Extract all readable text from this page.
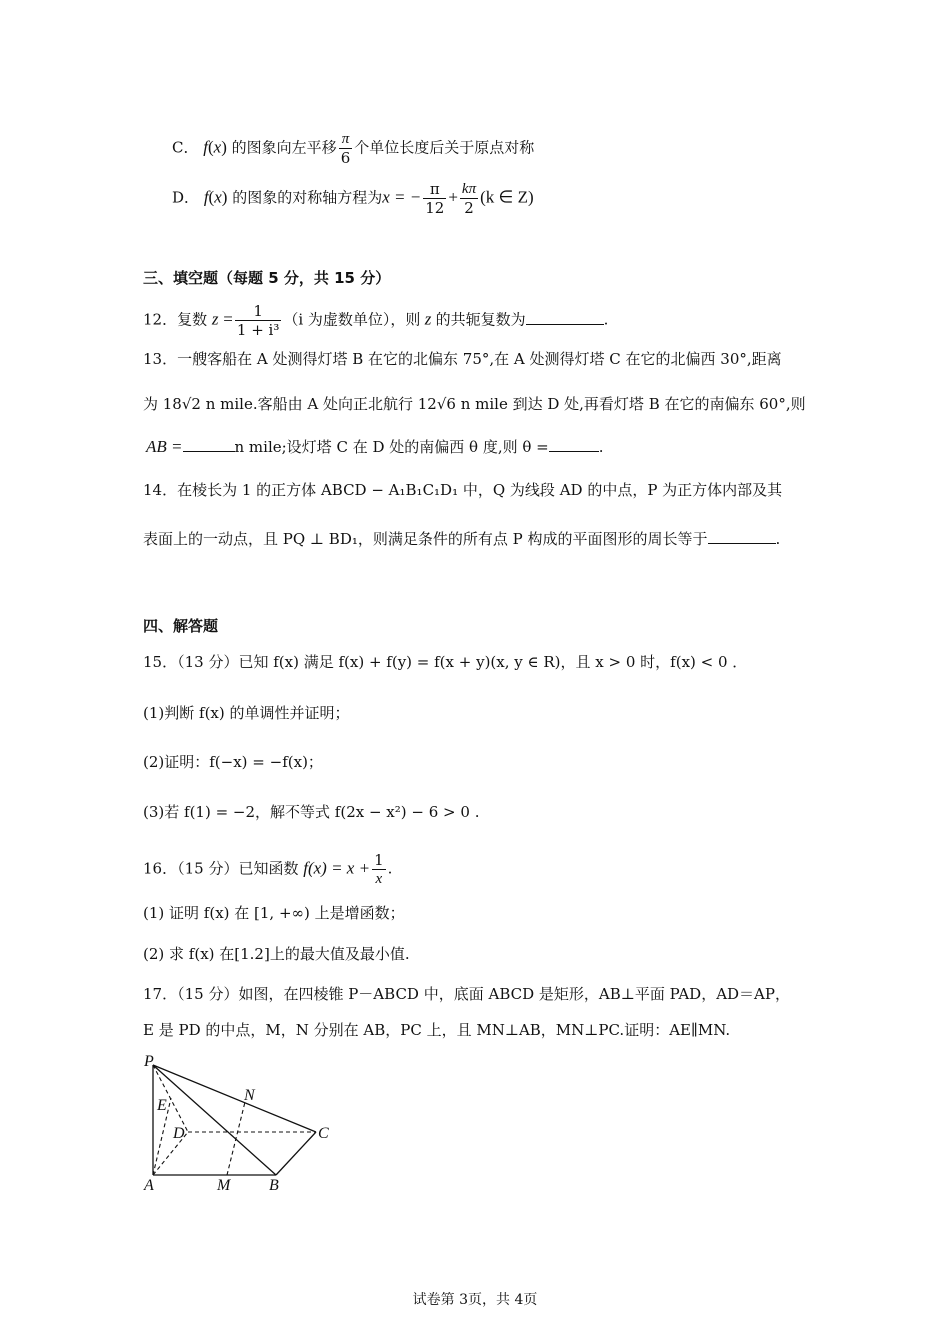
C． f(x) 的图象向左平移 $\frac{\pi}{6}$ 个单位长度后关于原点对称
D． f(x) 的图象的对称轴方程为x = − $\frac{\pi}{12} + \frac{k\pi}{2} (k$ ∈ Z)
三、填空题（每题 5 分，共 15 分）
12．复数 $z = \frac{1}{\text{1 + i³}} (i$ 为虚数单位），则 z 的共轭复数为	.
13．一艘客船在 A 处测得灯塔 B 在它的北偏东 75°,在 A 处测得灯塔 C 在它的北偏西 30°,距离
为 18√2 n mile.客船由 A 处向正北航行 12√6 n mile 到达 D 处,再看灯塔 B 在它的南偏东 60°,则
AB =	n mile;设灯塔 C 在 D 处的南偏西 θ 度,则 θ =	.
14．在棱长为 1 的正方体 ABCD − A₁B₁C₁D₁ 中，Q 为线段 AD 的中点，P 为正方体内部及其
表面上的一动点，且 PQ ⊥ BD₁，则满足条件的所有点 P 构成的平面图形的周长等于	.
四、解答题
15．（13 分）已知 f(x) 满足 f(x) + f(y) = f(x + y)(x, y ∈ R)，且 x > 0 时，f(x) < 0 ．
(1)判断 f(x) 的单调性并证明；
(2)证明：f(−x) = −f(x)；
(3)若 f(1) = −2，解不等式 f(2x − x²) − 6 > 0 .
16．（15 分）已知函数 $f(x) = x + \frac{1}{x}$ .
(1) 证明 f(x) 在 [1, +∞) 上是增函数；
(2) 求 f(x) 在[1.2]上的最大值及最小值.
17．（15 分）如图，在四棱锥 P－ABCD 中，底面 ABCD 是矩形，AB⊥平面 PAD，AD＝AP，
E 是 PD 的中点，M，N 分别在 AB，PC 上，且 MN⊥AB，MN⊥PC.证明：AE∥MN.
P
E
D
N
C
A	M B
试卷第 3页，共 4页
